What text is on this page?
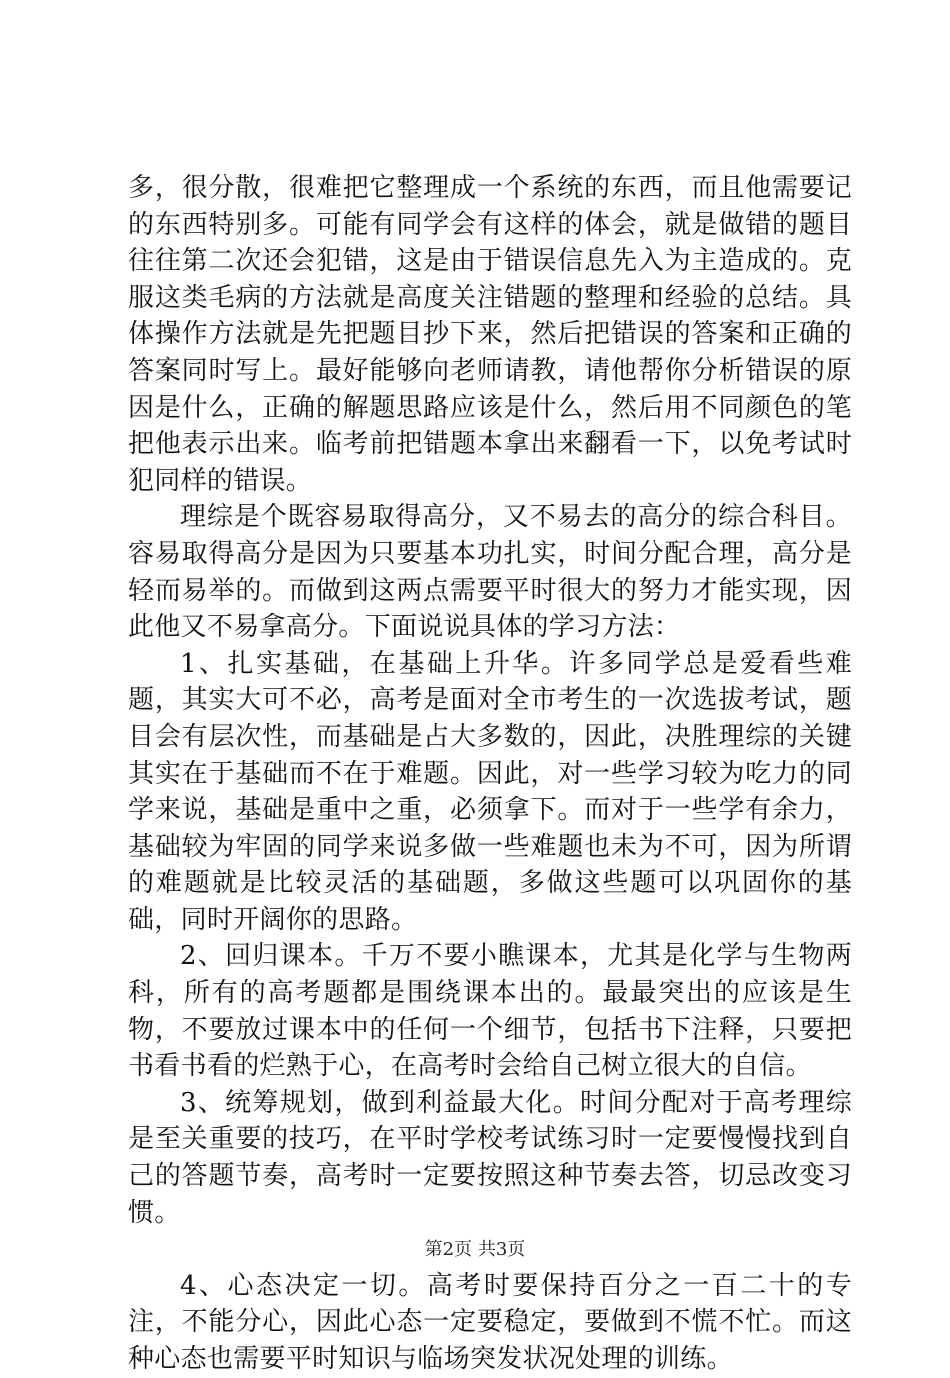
多，很分散，很难把它整理成一个系统的东西，而且他需要记的东西特别多。可能有同学会有这样的体会，就是做错的题目往往第二次还会犯错，这是由于错误信息先入为主造成的。克服这类毛病的方法就是高度关注错题的整理和经验的总结。具体操作方法就是先把题目抄下来，然后把错误的答案和正确的答案同时写上。最好能够向老师请教，请他帮你分析错误的原因是什么，正确的解题思路应该是什么，然后用不同颜色的笔把他表示出来。临考前把错题本拿出来翻看一下，以免考试时犯同样的错误。

理综是个既容易取得高分，又不易去的高分的综合科目。容易取得高分是因为只要基本功扎实，时间分配合理，高分是轻而易举的。而做到这两点需要平时很大的努力才能实现，因此他又不易拿高分。下面说说具体的学习方法：

1、扎实基础，在基础上升华。许多同学总是爱看些难题，其实大可不必，高考是面对全市考生的一次选拔考试，题目会有层次性，而基础是占大多数的，因此，决胜理综的关键其实在于基础而不在于难题。因此，对一些学习较为吃力的同学来说，基础是重中之重，必须拿下。而对于一些学有余力，基础较为牢固的同学来说多做一些难题也未为不可，因为所谓的难题就是比较灵活的基础题，多做这些题可以巩固你的基础，同时开阔你的思路。

2、回归课本。千万不要小瞧课本，尤其是化学与生物两科，所有的高考题都是围绕课本出的。最最突出的应该是生物，不要放过课本中的任何一个细节，包括书下注释，只要把书看书看的烂熟于心，在高考时会给自己树立很大的自信。

3、统筹规划，做到利益最大化。时间分配对于高考理综是至关重要的技巧，在平时学校考试练习时一定要慢慢找到自己的答题节奏，高考时一定要按照这种节奏去答，切忌改变习惯。

4、心态决定一切。高考时要保持百分之一百二十的专注，不能分心，因此心态一定要稳定，要做到不慌不忙。而这种心态也需要平时知识与临场突发状况处理的训练。

第2页 共3页
